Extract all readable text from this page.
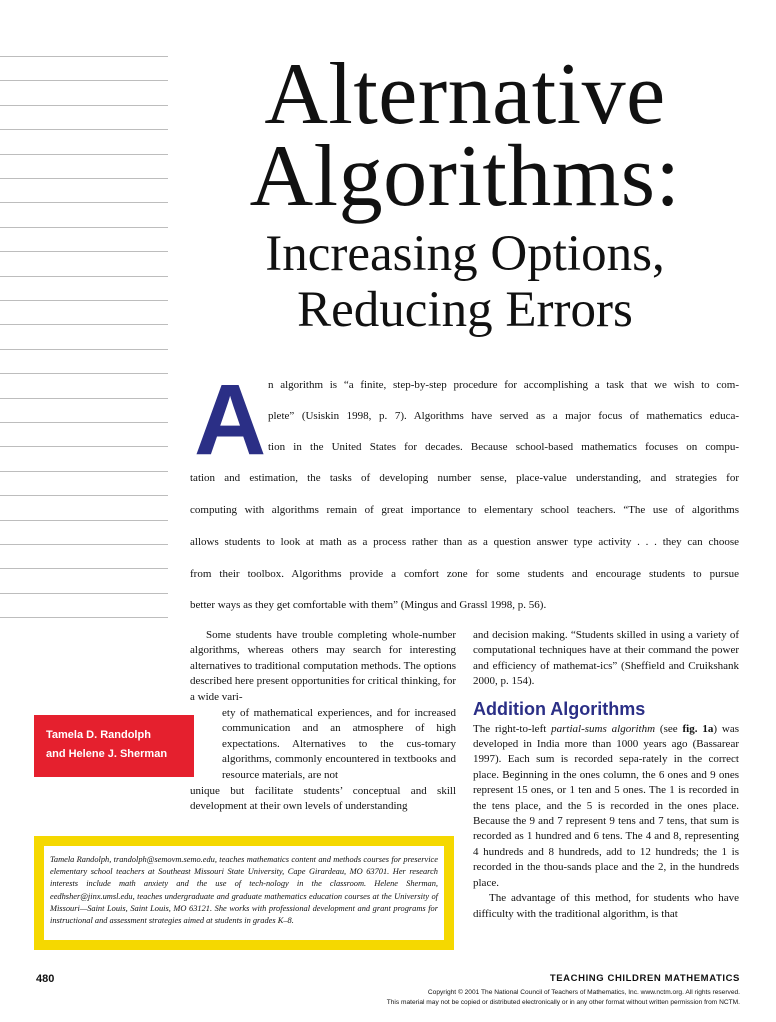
Alternative
Algorithms:
Increasing Options,
Reducing Errors
A n algorithm is “a finite, step-by-step procedure for accomplishing a task that we wish to com-
plete” (Usiskin 1998, p. 7). Algorithms have served as a major focus of mathematics educa-
tion in the United States for decades. Because school-based mathematics focuses on compu-
tation and estimation, the tasks of developing number sense, place-value understanding, and strategies for
computing with algorithms remain of great importance to elementary school teachers. “The use of algorithms
allows students to look at math as a process rather than as a question answer type activity . . . they can choose
from their toolbox. Algorithms provide a comfort zone for some students and encourage students to pursue
better ways as they get comfortable with them” (Mingus and Grassl 1998, p. 56).

Some students have trouble completing whole-number algorithms, whereas others may search for interesting alternatives to traditional computation methods. The options described here present opportunities for critical thinking, for a wide vari-

ety of mathematical experiences, and for increased communication and an atmosphere of high expectations. Alternatives to the cus-tomary algorithms, commonly encountered in textbooks and resource materials, are not

unique but facilitate students’ conceptual and skill development at their own levels of understanding

Tamela D. Randolph
and Helene J. Sherman

and decision making. “Students skilled in using a variety of computational techniques have at their command the power and efficiency of mathemat-ics” (Sheffield and Cruikshank 2000, p. 154).

Addition Algorithms

The right-to-left partial-sums algorithm (see fig. 1a) was developed in India more than 1000 years ago (Bassarear 1997). Each sum is recorded sepa-rately in the correct place. Beginning in the ones column, the 6 ones and 9 ones represent 15 ones, or 1 ten and 5 ones. The 1 is recorded in the tens place, and the 5 is recorded in the ones place. Because the 9 and 7 represent 9 tens and 7 tens, that sum is recorded as 1 hundred and 6 tens. The 4 and 8, representing 4 hundreds and 8 hundreds, add to 12 hundreds; the 1 is recorded in the thou-sands place and the 2, in the hundreds place.

The advantage of this method, for students who have difficulty with the traditional algorithm, is that

Tamela Randolph, trandolph@semovm.semo.edu, teaches mathematics content and methods courses for preservice elementary school teachers at Southeast Missouri State University, Cape Girardeau, MO 63701. Her research interests include math anxiety and the use of tech-nology in the classroom. Helene Sherman, eedhsher@jinx.umsl.edu, teaches undergraduate and graduate mathematics education courses at the University of Missouri—Saint Louis, Saint Louis, MO 63121. She works with professional development and grant programs for instructional and assessment strategies aimed at students in grades K–8.
480	TEACHING CHILDREN MATHEMATICS
Copyright © 2001 The National Council of Teachers of Mathematics, Inc. www.nctm.org. All rights reserved.
This material may not be copied or distributed electronically or in any other format without written permission from NCTM.
